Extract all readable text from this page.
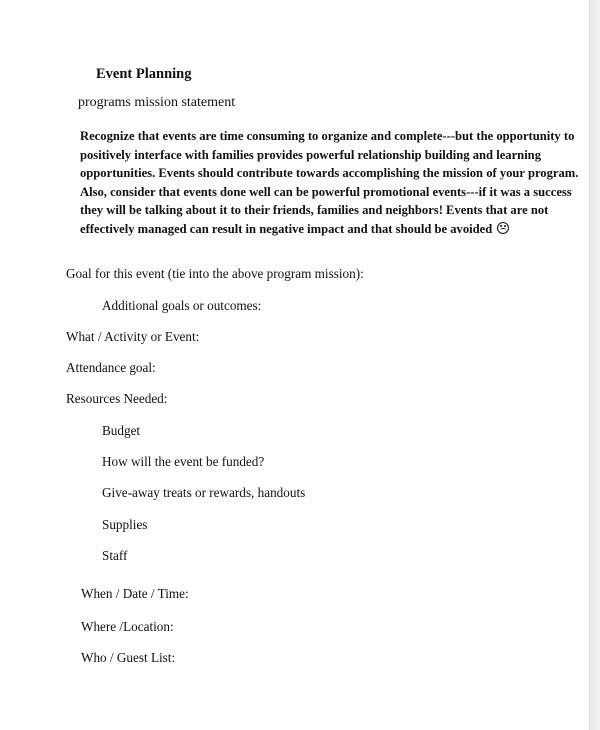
Event Planning
programs mission statement
Recognize that events are time consuming to organize and complete---but the opportunity to
positively interface with families provides powerful relationship building and learning
opportunities. Events should contribute towards accomplishing the mission of your program.
Also, consider that events done well can be powerful promotional events---if it was a success
they will be talking about it to their friends, families and neighbors! Events that are not
effectively managed can result in negative impact and that should be avoided
Goal for this event (tie into the above program mission):
Additional goals or outcomes:
What / Activity or Event:
Attendance goal:
Resources Needed:
Budget
How will the event be funded?
Give-away treats or rewards, handouts
Supplies
Staff
When / Date / Time:
Where /Location:
Who / Guest List:
